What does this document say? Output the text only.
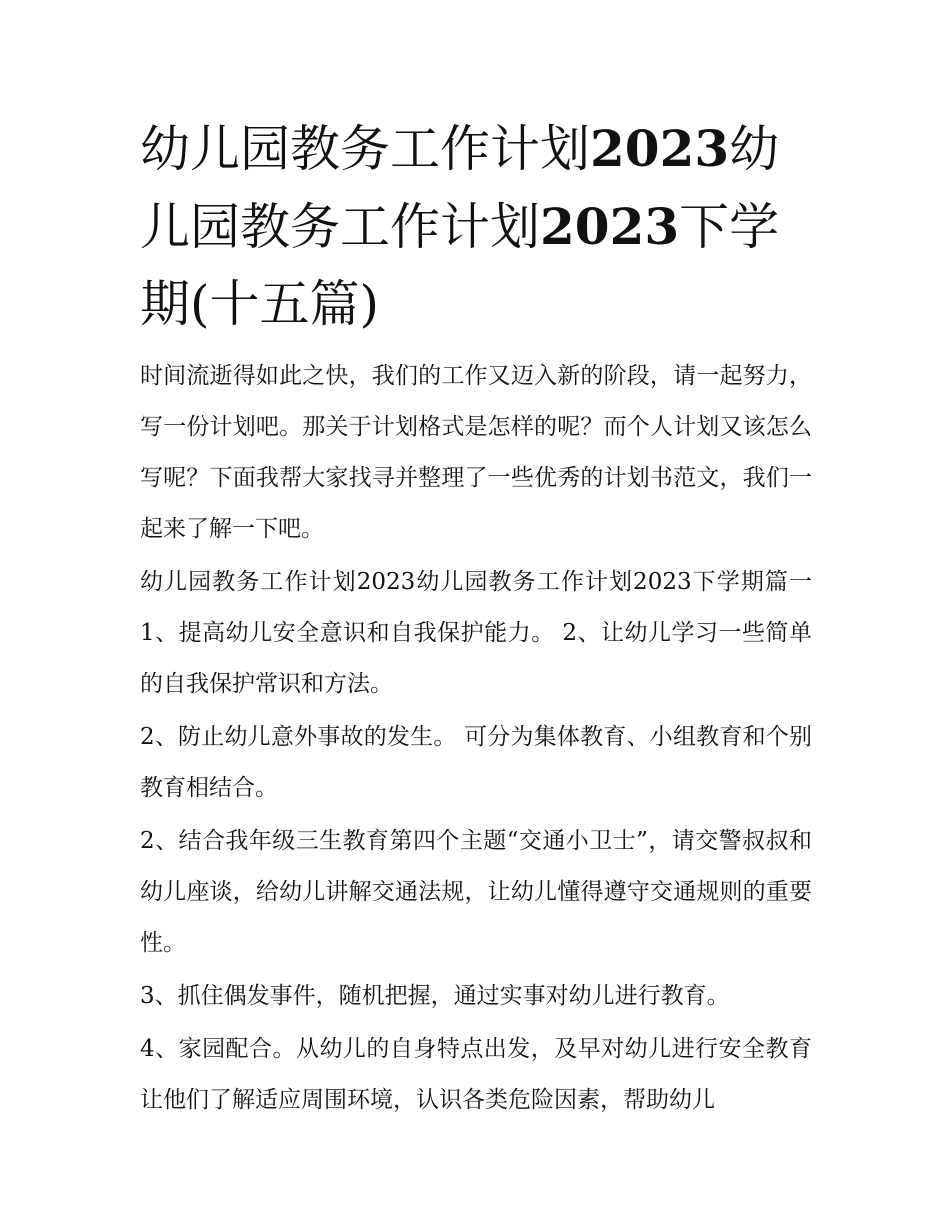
幼儿园教务工作计划2023幼儿园教务工作计划2023下学期(十五篇)

时间流逝得如此之快，我们的工作又迈入新的阶段，请一起努力，写一份计划吧。那关于计划格式是怎样的呢？而个人计划又该怎么写呢？下面我帮大家找寻并整理了一些优秀的计划书范文，我们一起来了解一下吧。

幼儿园教务工作计划2023幼儿园教务工作计划2023下学期篇一1、提高幼儿安全意识和自我保护能力。 2、让幼儿学习一些简单的自我保护常识和方法。

2、防止幼儿意外事故的发生。 可分为集体教育、小组教育和个别教育相结合。

2、结合我年级三生教育第四个主题“交通小卫士”，请交警叔叔和幼儿座谈，给幼儿讲解交通法规，让幼儿懂得遵守交通规则的重要性。

3、抓住偶发事件，随机把握，通过实事对幼儿进行教育。

4、家园配合。从幼儿的自身特点出发，及早对幼儿进行安全教育让他们了解适应周围环境，认识各类危险因素，帮助幼儿
